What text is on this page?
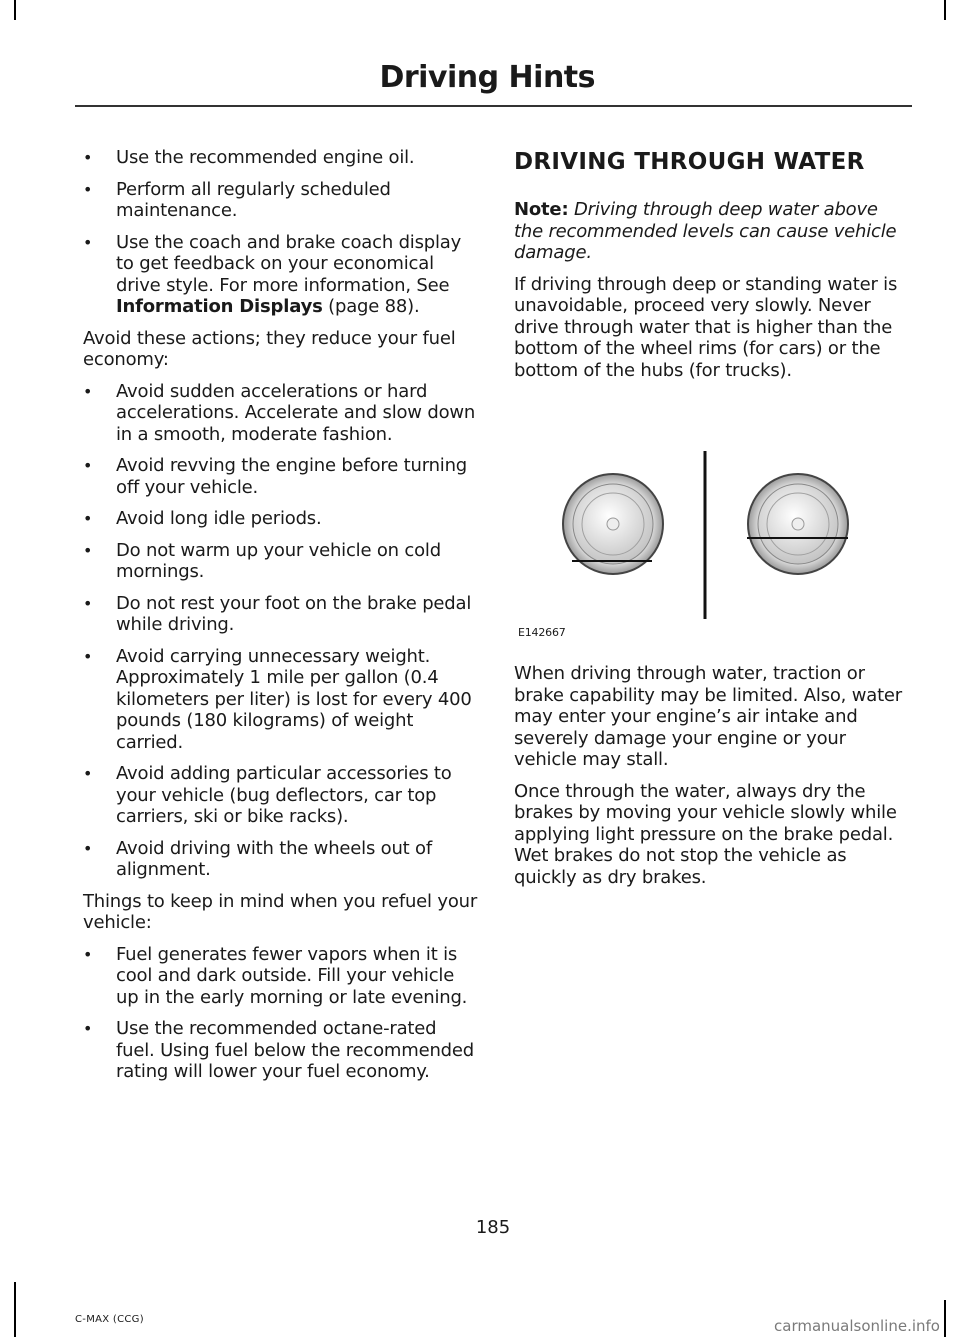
Driving Hints
• Use the recommended engine oil.
• Perform all regularly scheduled maintenance.
• Use the coach and brake coach display to get feedback on your economical drive style. For more information, See
Information Displays (page 88).

Avoid these actions; they reduce your fuel economy:

• Avoid sudden accelerations or hard accelerations. Accelerate and slow down in a smooth, moderate fashion.
• Avoid revving the engine before turning off your vehicle.
• Avoid long idle periods.
• Do not warm up your vehicle on cold mornings.
• Do not rest your foot on the brake pedal while driving.
• Avoid carrying unnecessary weight. Approximately 1 mile per gallon (0.4 kilometers per liter) is lost for every 400 pounds (180 kilograms) of weight carried.
• Avoid adding particular accessories to your vehicle (bug deflectors, car top carriers, ski or bike racks).
• Avoid driving with the wheels out of alignment.

Things to keep in mind when you refuel your vehicle:

• Fuel generates fewer vapors when it is cool and dark outside. Fill your vehicle up in the early morning or late evening.
• Use the recommended octane-rated fuel. Using fuel below the recommended rating will lower your fuel economy.
DRIVING THROUGH WATER

Note: Driving through deep water above the recommended levels can cause vehicle damage.

If driving through deep or standing water is unavoidable, proceed very slowly. Never drive through water that is higher than the bottom of the wheel rims (for cars) or the bottom of the hubs (for trucks).

E142667

When driving through water, traction or brake capability may be limited. Also, water may enter your engine’s air intake and severely damage your engine or your vehicle may stall.

Once through the water, always dry the brakes by moving your vehicle slowly while applying light pressure on the brake pedal. Wet brakes do not stop the vehicle as quickly as dry brakes.

185
C-MAX (CCG)	carmanualsonline.info
